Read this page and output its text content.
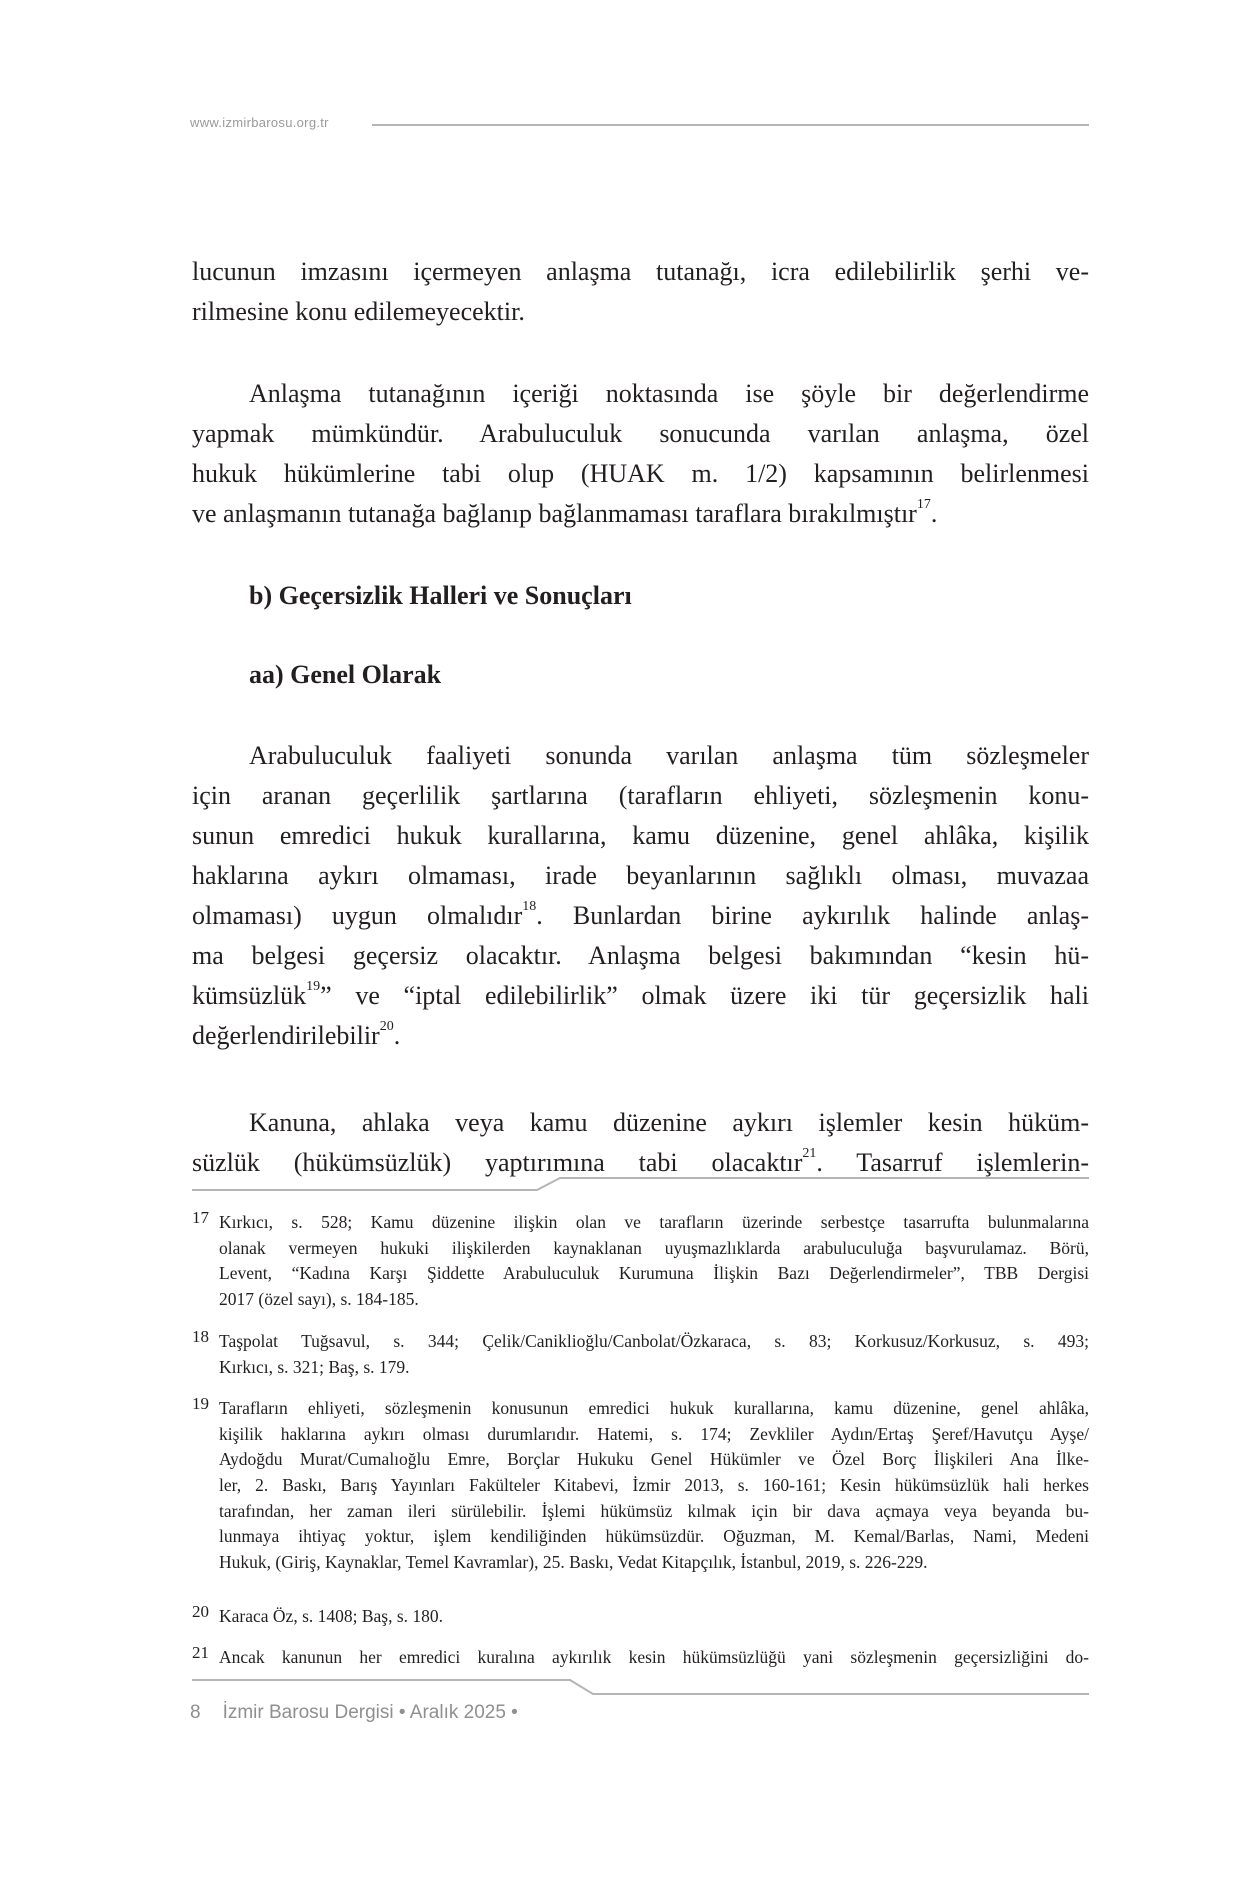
www.izmirbarosu.org.tr
lucunun imzasını içermeyen anlaşma tutanağı, icra edilebilirlik şerhi ve-
rilmesine konu edilemeyecektir.
Anlaşma tutanağının içeriği noktasında ise şöyle bir değerlendirme
yapmak mümkündür. Arabuluculuk sonucunda varılan anlaşma, özel
hukuk hükümlerine tabi olup (HUAK m. 1/2) kapsamının belirlenmesi
ve anlaşmanın tutanağa bağlanıp bağlanmaması taraflara bırakılmıştır$^{17}$.
b) Geçersizlik Halleri ve Sonuçları
aa) Genel Olarak
Arabuluculuk faaliyeti sonunda varılan anlaşma tüm sözleşmeler
için aranan geçerlilik şartlarına (tarafların ehliyeti, sözleşmenin konu-
sunun emredici hukuk kurallarına, kamu düzenine, genel ahlâka, kişilik
haklarına aykırı olmaması, irade beyanlarının sağlıklı olması, muvazaa
olmaması) uygun olmalıdır$^{18}$. Bunlardan birine aykırılık halinde anlaş-
ma belgesi geçersiz olacaktır. Anlaşma belgesi bakımından “kesin hü-
kümsüzlük$^{19}$” ve “iptal edilebilirlik” olmak üzere iki tür geçersizlik hali
değerlendirilebilir$^{20}$.
Kanuna, ahlaka veya kamu düzenine aykırı işlemler kesin hüküm-
süzlük (hükümsüzlük) yaptırımına tabi olacaktır$^{21}$. Tasarruf işlemlerin-
17 Kırkıcı, s. 528; Kamu düzenine ilişkin olan ve tarafların üzerinde serbestçe tasarrufta bulunmalarına
olanak vermeyen hukuki ilişkilerden kaynaklanan uyuşmazlıklarda arabuluculuğa başvurulamaz. Börü,
Levent, “Kadına Karşı Şiddette Arabuluculuk Kurumuna İlişkin Bazı Değerlendirmeler”, TBB Dergisi
2017 (özel sayı), s. 184-185.
18 Taşpolat Tuğsavul, s. 344; Çelik/Caniklioğlu/Canbolat/Özkaraca, s. 83; Korkusuz/Korkusuz, s. 493;
Kırkıcı, s. 321; Baş, s. 179.
19 Tarafların ehliyeti, sözleşmenin konusunun emredici hukuk kurallarına, kamu düzenine, genel ahlâka,
kişilik haklarına aykırı olması durumlarıdır. Hatemi, s. 174; Zevkliler Aydın/Ertaş Şeref/Havutçu Ayşe/
Aydoğdu Murat/Cumalıoğlu Emre, Borçlar Hukuku Genel Hükümler ve Özel Borç İlişkileri Ana İlke-
ler, 2. Baskı, Barış Yayınları Fakülteler Kitabevi, İzmir 2013, s. 160-161; Kesin hükümsüzlük hali herkes
tarafından, her zaman ileri sürülebilir. İşlemi hükümsüz kılmak için bir dava açmaya veya beyanda bu-
lunmaya ihtiyaç yoktur, işlem kendiliğinden hükümsüzdür. Oğuzman, M. Kemal/Barlas, Nami, Medeni
Hukuk, (Giriş, Kaynaklar, Temel Kavramlar), 25. Baskı, Vedat Kitapçılık, İstanbul, 2019, s. 226-229.
20 Karaca Öz, s. 1408; Baş, s. 180.
21 Ancak kanunun her emredici kuralına aykırılık kesin hükümsüzlüğü yani sözleşmenin geçersizliğini do-
8 İzmir Barosu Dergisi • Aralık 2025 •
